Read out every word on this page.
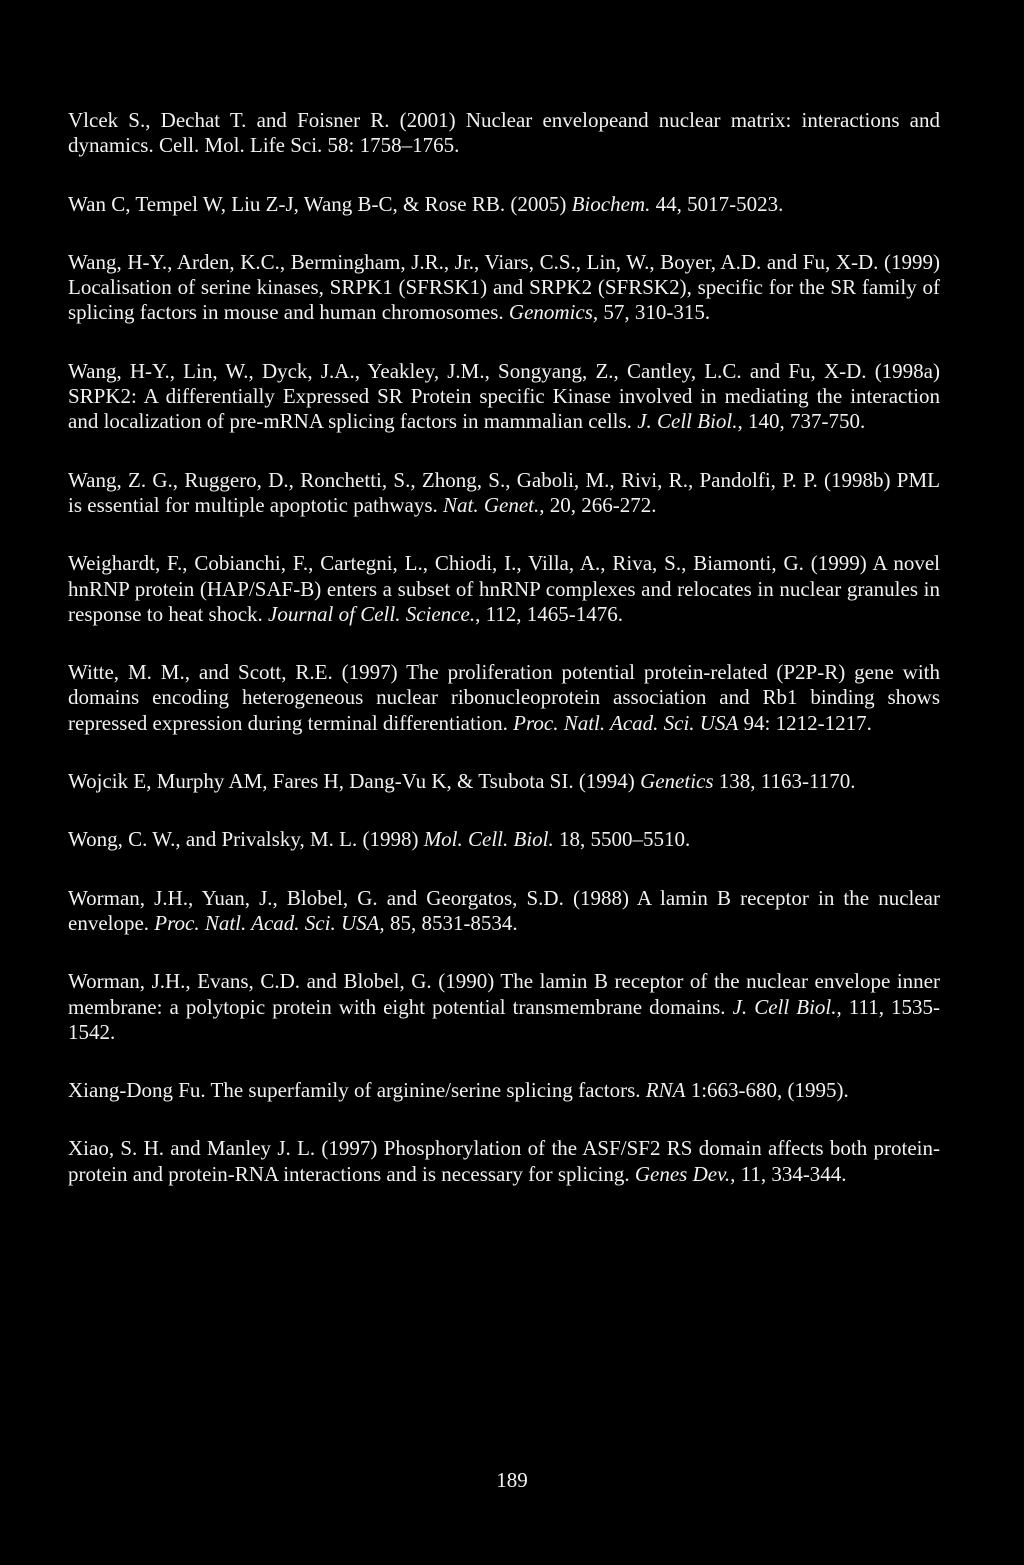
Vlcek S., Dechat T. and Foisner R. (2001) Nuclear envelopeand nuclear matrix: interactions and dynamics. Cell. Mol. Life Sci. 58: 1758–1765.

Wan C, Tempel W, Liu Z-J, Wang B-C, & Rose RB. (2005) Biochem. 44, 5017-5023.

Wang, H-Y., Arden, K.C., Bermingham, J.R., Jr., Viars, C.S., Lin, W., Boyer, A.D. and Fu, X-D. (1999) Localisation of serine kinases, SRPK1 (SFRSK1) and SRPK2 (SFRSK2), specific for the SR family of splicing factors in mouse and human chromosomes. Genomics, 57, 310-315.

Wang, H-Y., Lin, W., Dyck, J.A., Yeakley, J.M., Songyang, Z., Cantley, L.C. and Fu, X-D. (1998a) SRPK2: A differentially Expressed SR Protein specific Kinase involved in mediating the interaction and localization of pre-mRNA splicing factors in mammalian cells. J. Cell Biol., 140, 737-750.

Wang, Z. G., Ruggero, D., Ronchetti, S., Zhong, S., Gaboli, M., Rivi, R., Pandolfi, P. P. (1998b) PML is essential for multiple apoptotic pathways. Nat. Genet., 20, 266-272.

Weighardt, F., Cobianchi, F., Cartegni, L., Chiodi, I., Villa, A., Riva, S., Biamonti, G. (1999) A novel hnRNP protein (HAP/SAF-B) enters a subset of hnRNP complexes and relocates in nuclear granules in response to heat shock. Journal of Cell. Science., 112, 1465-1476.

Witte, M. M., and Scott, R.E. (1997) The proliferation potential protein-related (P2P-R) gene with domains encoding heterogeneous nuclear ribonucleoprotein association and Rb1 binding shows repressed expression during terminal differentiation. Proc. Natl. Acad. Sci. USA 94: 1212-1217.

Wojcik E, Murphy AM, Fares H, Dang-Vu K, & Tsubota SI. (1994) Genetics 138, 1163-1170.

Wong, C. W., and Privalsky, M. L. (1998) Mol. Cell. Biol. 18, 5500–5510.

Worman, J.H., Yuan, J., Blobel, G. and Georgatos, S.D. (1988) A lamin B receptor in the nuclear envelope. Proc. Natl. Acad. Sci. USA, 85, 8531-8534.

Worman, J.H., Evans, C.D. and Blobel, G. (1990) The lamin B receptor of the nuclear envelope inner membrane: a polytopic protein with eight potential transmembrane domains. J. Cell Biol., 111, 1535-1542.

Xiang-Dong Fu. The superfamily of arginine/serine splicing factors. RNA 1:663-680, (1995).

Xiao, S. H. and Manley J. L. (1997) Phosphorylation of the ASF/SF2 RS domain affects both protein-protein and protein-RNA interactions and is necessary for splicing. Genes Dev., 11, 334-344.

189
